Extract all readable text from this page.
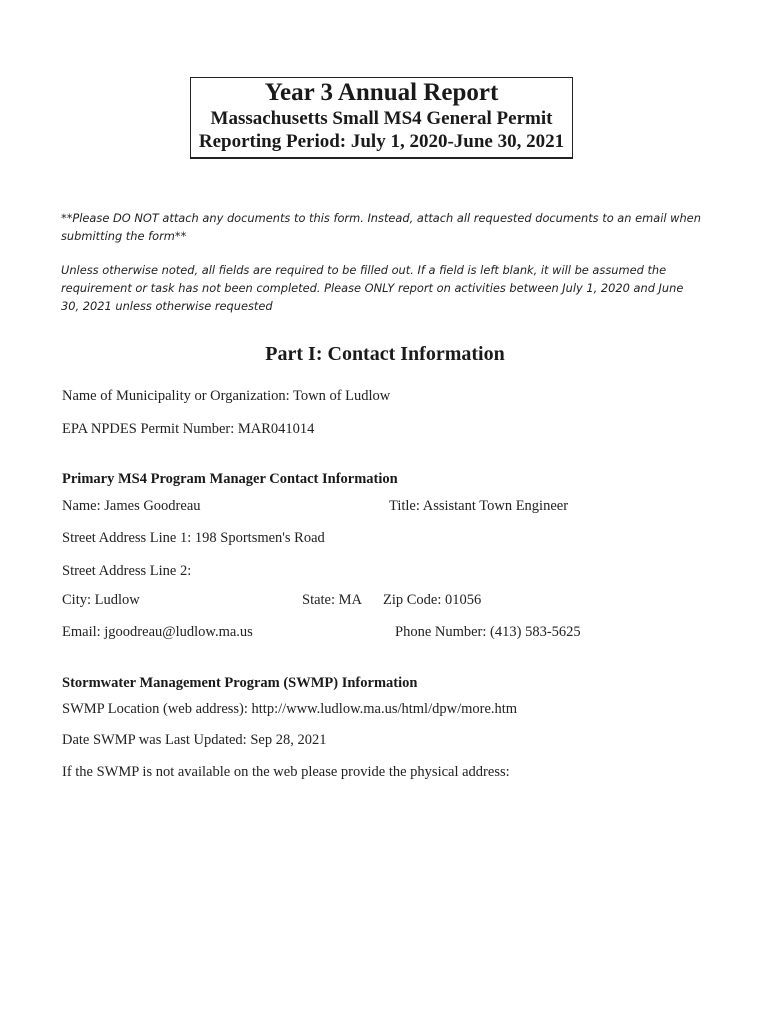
Year 3 Annual Report
Massachusetts Small MS4 General Permit
Reporting Period: July 1, 2020-June 30, 2021
**Please DO NOT attach any documents to this form. Instead, attach all requested documents to an email when submitting the form**
Unless otherwise noted, all fields are required to be filled out. If a field is left blank, it will be assumed the requirement or task has not been completed. Please ONLY report on activities between July 1, 2020 and June 30, 2021 unless otherwise requested
Part I: Contact Information
Name of Municipality or Organization: Town of Ludlow
EPA NPDES Permit Number: MAR041014
Primary MS4 Program Manager Contact Information
Name: James Goodreau	Title: Assistant Town Engineer
Street Address Line 1: 198 Sportsmen's Road
Street Address Line 2:
City: Ludlow	State: MA Zip Code: 01056
Email: jgoodreau@ludlow.ma.us	Phone Number: (413) 583-5625
Stormwater Management Program (SWMP) Information
SWMP Location (web address): http://www.ludlow.ma.us/html/dpw/more.htm
Date SWMP was Last Updated: Sep 28, 2021
If the SWMP is not available on the web please provide the physical address:
